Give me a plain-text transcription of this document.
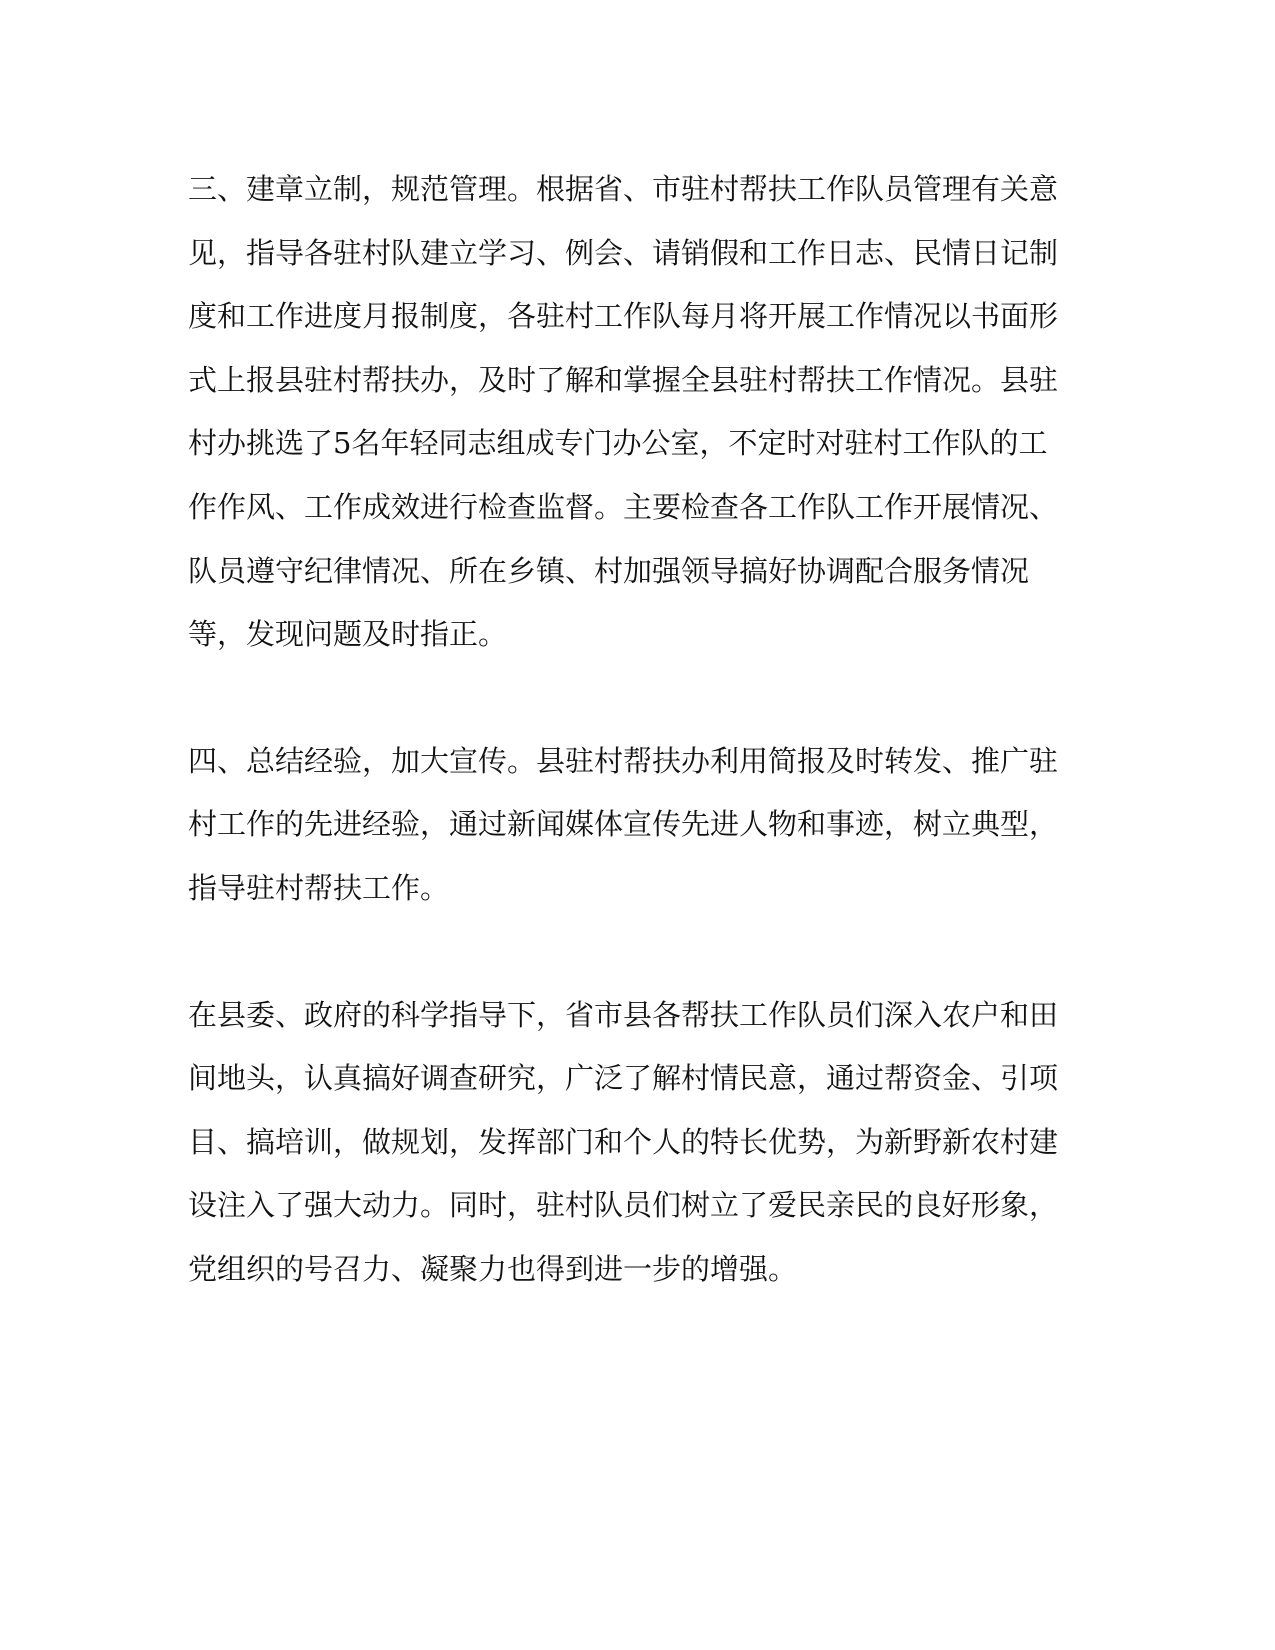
三、建章立制，规范管理。根据省、市驻村帮扶工作队员管理有关意见，指导各驻村队建立学习、例会、请销假和工作日志、民情日记制度和工作进度月报制度，各驻村工作队每月将开展工作情况以书面形式上报县驻村帮扶办，及时了解和掌握全县驻村帮扶工作情况。县驻村办挑选了5名年轻同志组成专门办公室，不定时对驻村工作队的工作作风、工作成效进行检查监督。主要检查各工作队工作开展情况、队员遵守纪律情况、所在乡镇、村加强领导搞好协调配合服务情况等，发现问题及时指正。

四、总结经验，加大宣传。县驻村帮扶办利用简报及时转发、推广驻村工作的先进经验，通过新闻媒体宣传先进人物和事迹，树立典型，指导驻村帮扶工作。

在县委、政府的科学指导下，省市县各帮扶工作队员们深入农户和田间地头，认真搞好调查研究，广泛了解村情民意，通过帮资金、引项目、搞培训，做规划，发挥部门和个人的特长优势，为新野新农村建设注入了强大动力。同时，驻村队员们树立了爱民亲民的良好形象，党组织的号召力、凝聚力也得到进一步的增强。
